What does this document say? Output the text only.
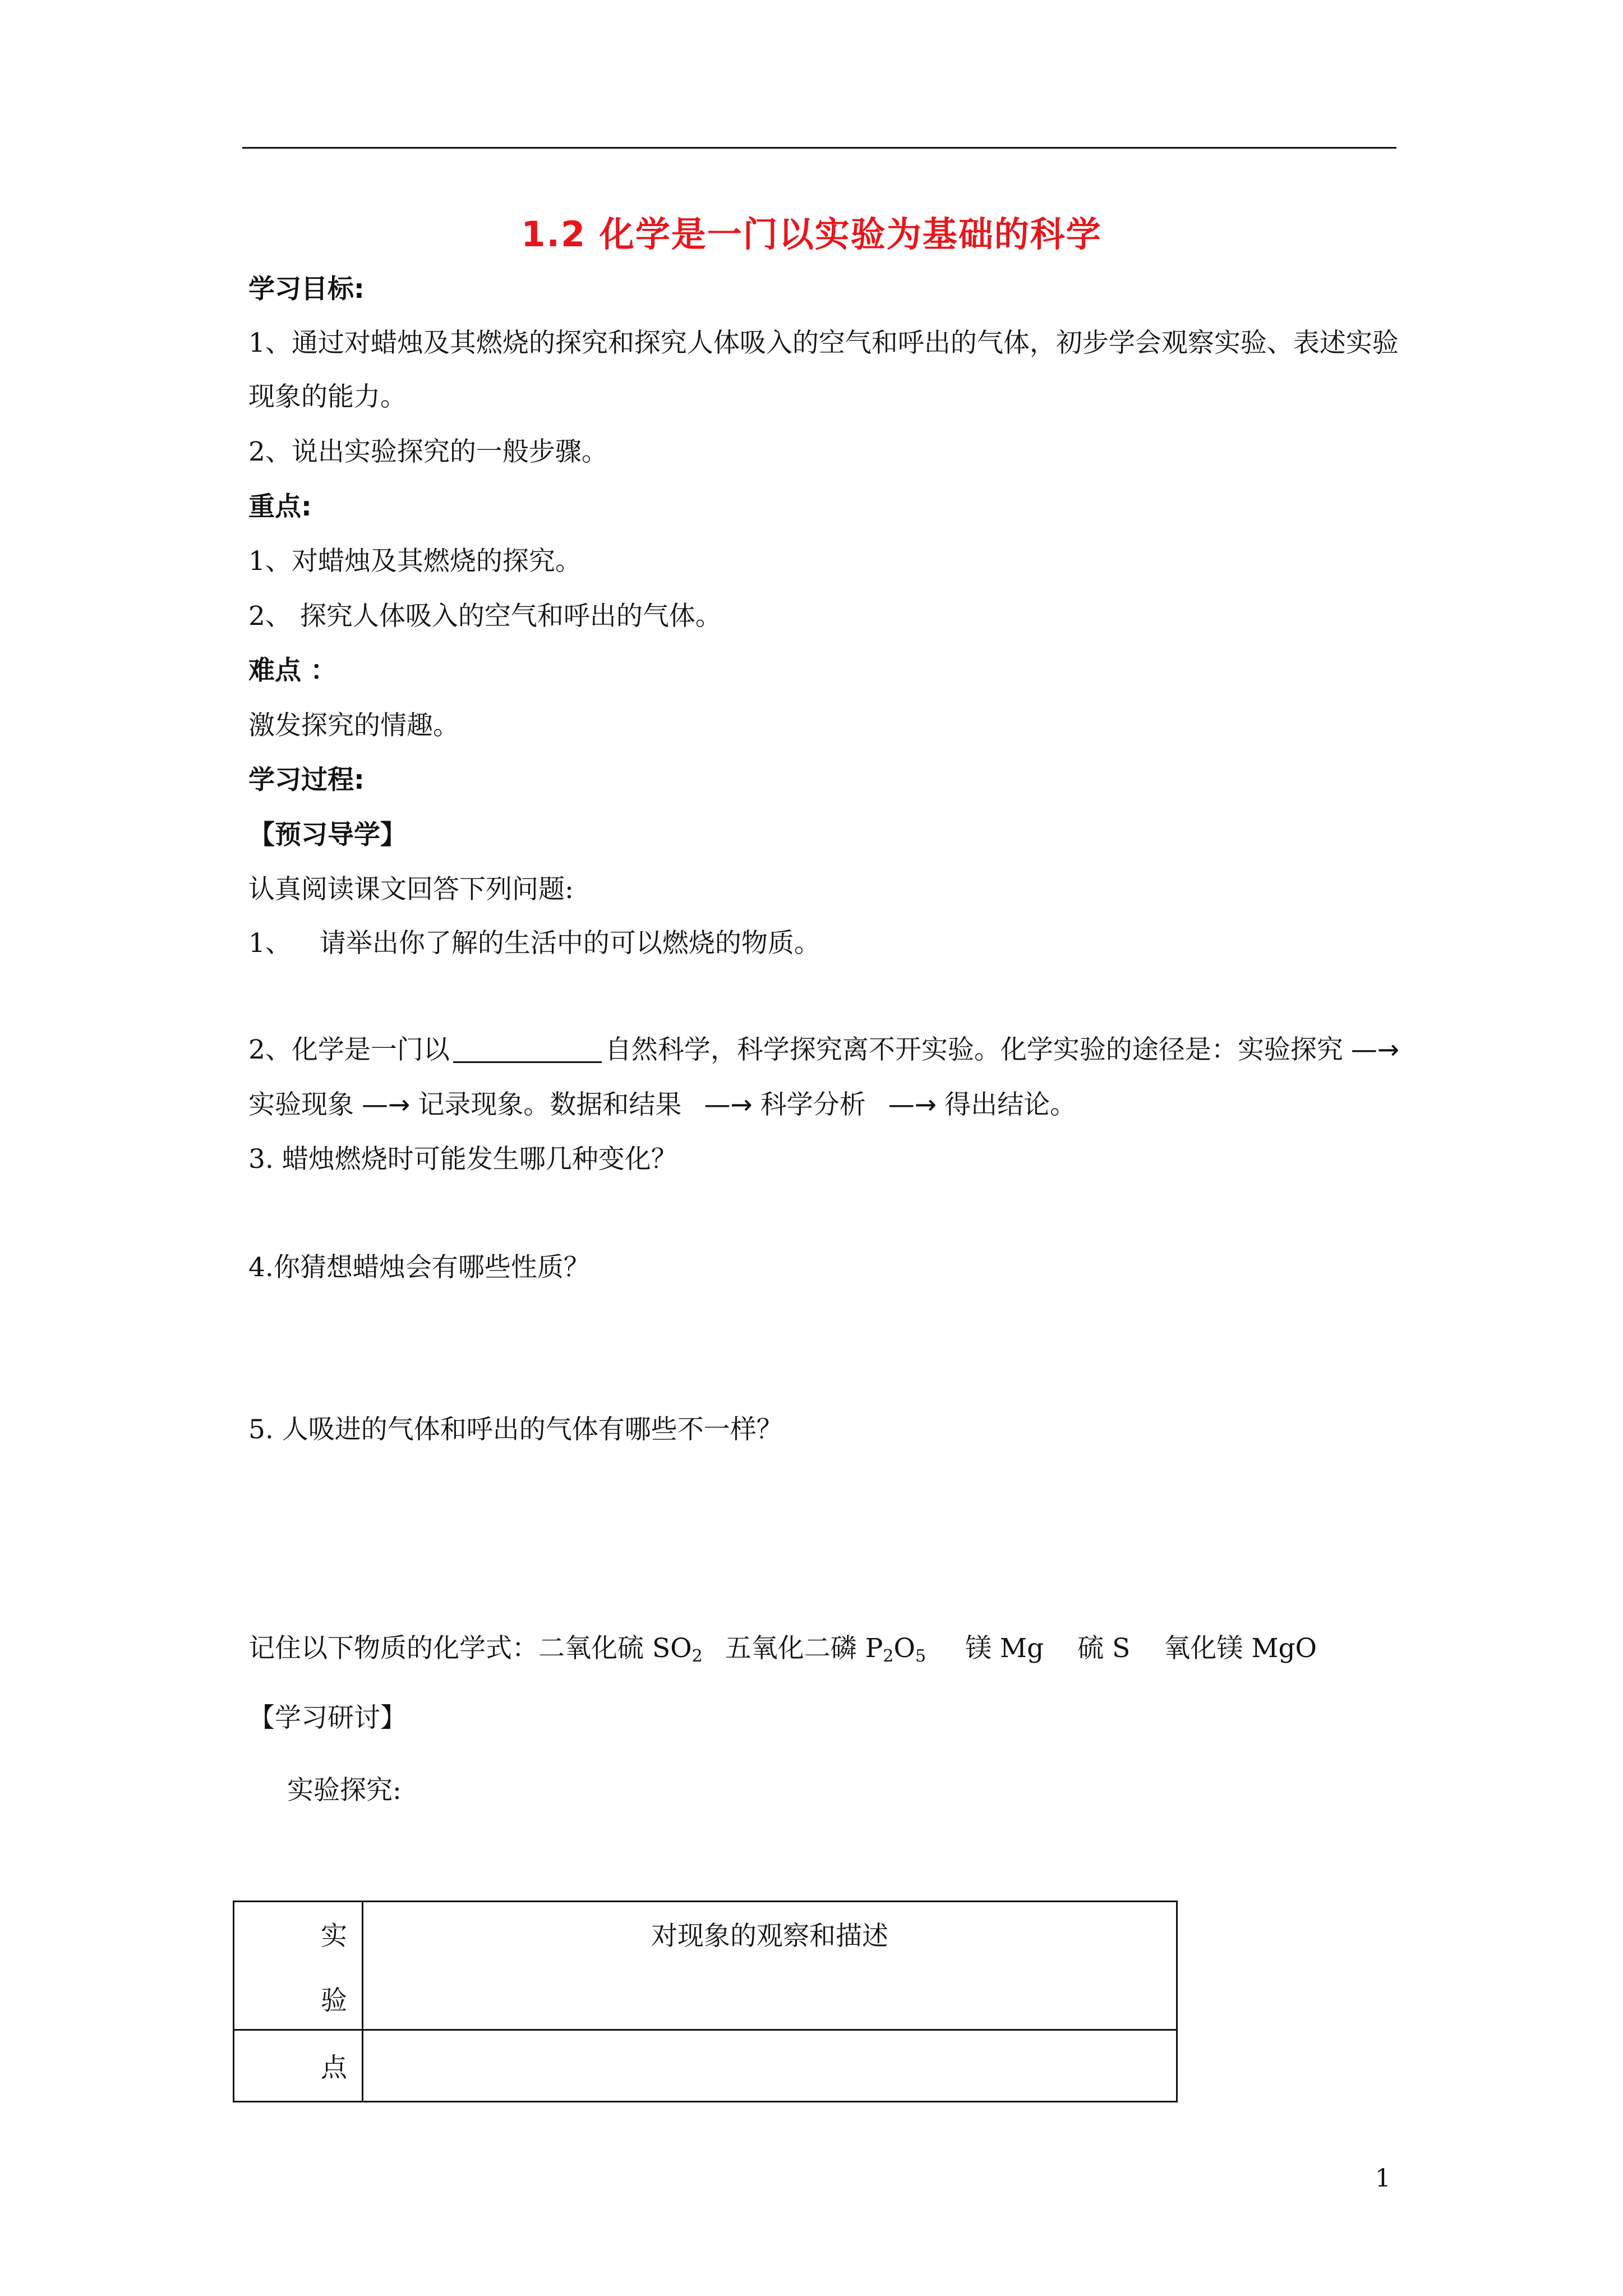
1.2 化学是一门以实验为基础的科学
学习目标:
1、通过对蜡烛及其燃烧的探究和探究人体吸入的空气和呼出的气体，初步学会观察实验、表述实验
现象的能力。
2、说出实验探究的一般步骤。
重点:
1、对蜡烛及其燃烧的探究。
2、 探究人体吸入的空气和呼出的气体。
难点 ：
激发探究的情趣。
学习过程:
【预习导学】
认真阅读课文回答下列问题:
1、 请举出你了解的生活中的可以燃烧的物质。
2、化学是一门以	自然科学，科学探究离不开实验。化学实验的途径是：实验探究 —→
实验现象 —→ 记录现象。数据和结果 —→ 科学分析 —→ 得出结论。
3. 蜡烛燃烧时可能发生哪几种变化？
4.你猜想蜡烛会有哪些性质？
5. 人吸进的气体和呼出的气体有哪些不一样？
记住以下物质的化学式：二氧化硫 $SO_2$ 五氧化二磷 $P_2O_5$ 镁 Mg 硫 S 氧化镁 MgO
【学习研讨】
实验探究:
实
验	对现象的观察和描述

点	

1
